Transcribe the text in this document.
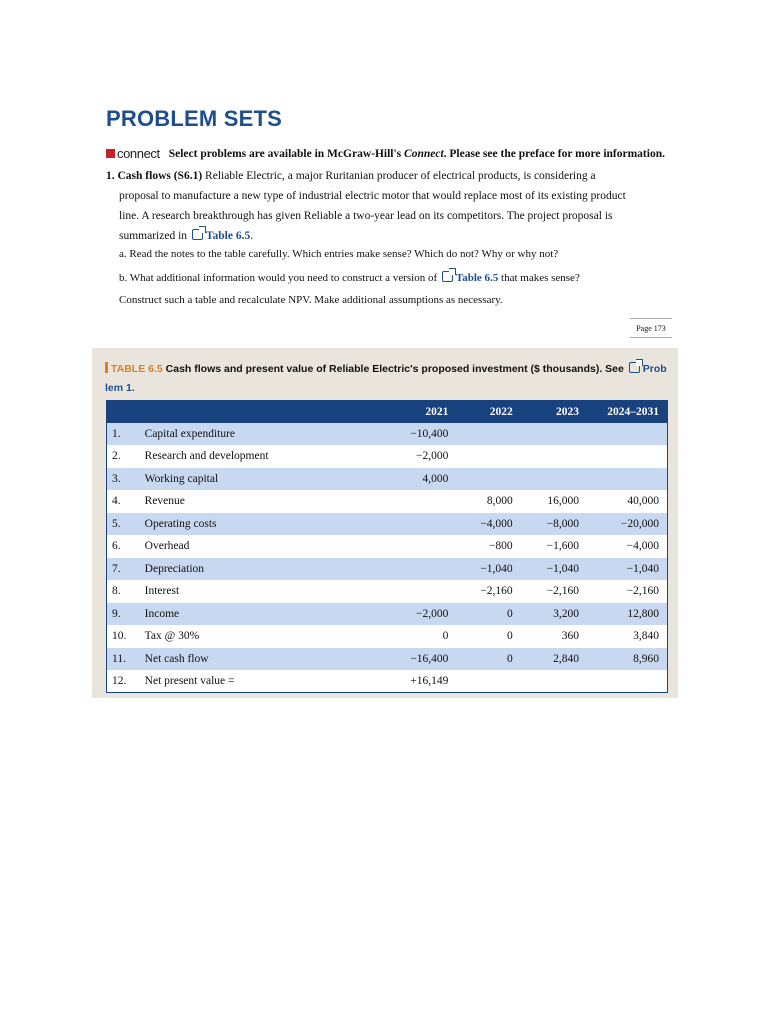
PROBLEM SETS
connect Select problems are available in McGraw-Hill's Connect. Please see the preface for more information.
1. Cash flows (S6.1) Reliable Electric, a major Ruritanian producer of electrical products, is considering a
proposal to manufacture a new type of industrial electric motor that would replace most of its existing product
line. A research breakthrough has given Reliable a two-year lead on its competitors. The project proposal is
summarized in Table 6.5.
a. Read the notes to the table carefully. Which entries make sense? Which do not? Why or why not?
b. What additional information would you need to construct a version of Table 6.5 that makes sense?
Construct such a table and recalculate NPV. Make additional assumptions as necessary.
Page 173
TABLE 6.5 Cash flows and present value of Reliable Electric's proposed investment ($ thousands). See Prob lem 1.
		2021	2022	2023	2024–2031
1.	Capital expenditure	−10,400			
2.	Research and development	−2,000			
3.	Working capital	4,000			
4.	Revenue		8,000	16,000	40,000
5.	Operating costs		−4,000	−8,000	−20,000
6.	Overhead		−800	−1,600	−4,000
7.	Depreciation		−1,040	−1,040	−1,040
8.	Interest		−2,160	−2,160	−2,160
9.	Income	−2,000	0	3,200	12,800
10.	Tax @ 30%	0	0	360	3,840
11.	Net cash flow	−16,400	0	2,840	8,960
12.	Net present value =	+16,149			
